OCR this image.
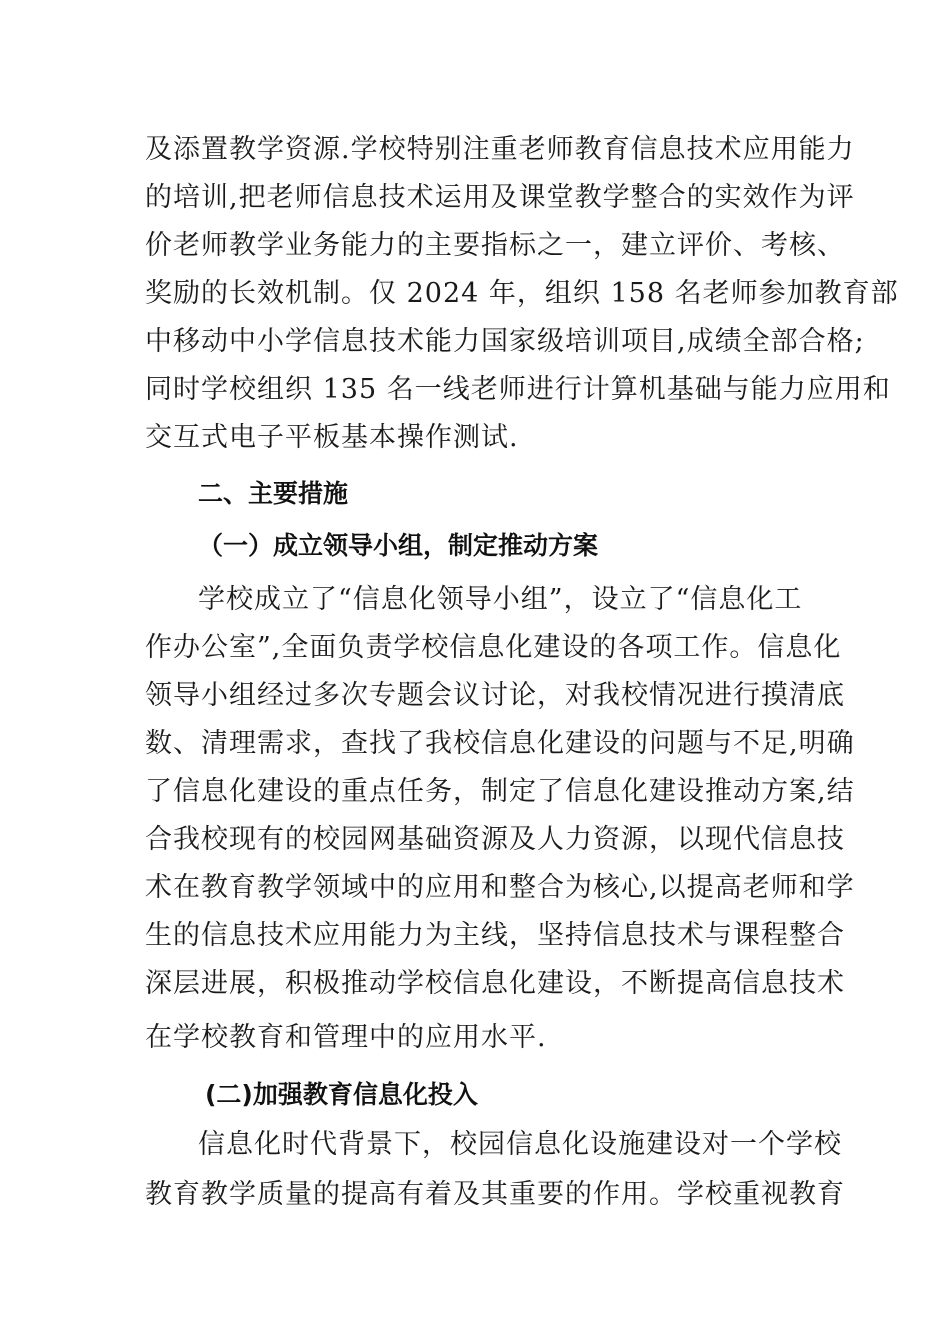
及添置教学资源.学校特别注重老师教育信息技术应用能力
的培训,把老师信息技术运用及课堂教学整合的实效作为评
价老师教学业务能力的主要指标之一，建立评价、考核、
奖励的长效机制。仅 2024 年，组织 158 名老师参加教育部
中移动中小学信息技术能力国家级培训项目,成绩全部合格;
同时学校组织 135 名一线老师进行计算机基础与能力应用和
交互式电子平板基本操作测试.
二、主要措施
（一）成立领导小组，制定推动方案
学校成立了“信息化领导小组”，设立了“信息化工
作办公室”,全面负责学校信息化建设的各项工作。信息化
领导小组经过多次专题会议讨论，对我校情况进行摸清底
数、清理需求，查找了我校信息化建设的问题与不足,明确
了信息化建设的重点任务，制定了信息化建设推动方案,结
合我校现有的校园网基础资源及人力资源，以现代信息技
术在教育教学领域中的应用和整合为核心,以提高老师和学
生的信息技术应用能力为主线，坚持信息技术与课程整合
深层进展，积极推动学校信息化建设，不断提高信息技术
在学校教育和管理中的应用水平.
(二)加强教育信息化投入
信息化时代背景下，校园信息化设施建设对一个学校
教育教学质量的提高有着及其重要的作用。学校重视教育
